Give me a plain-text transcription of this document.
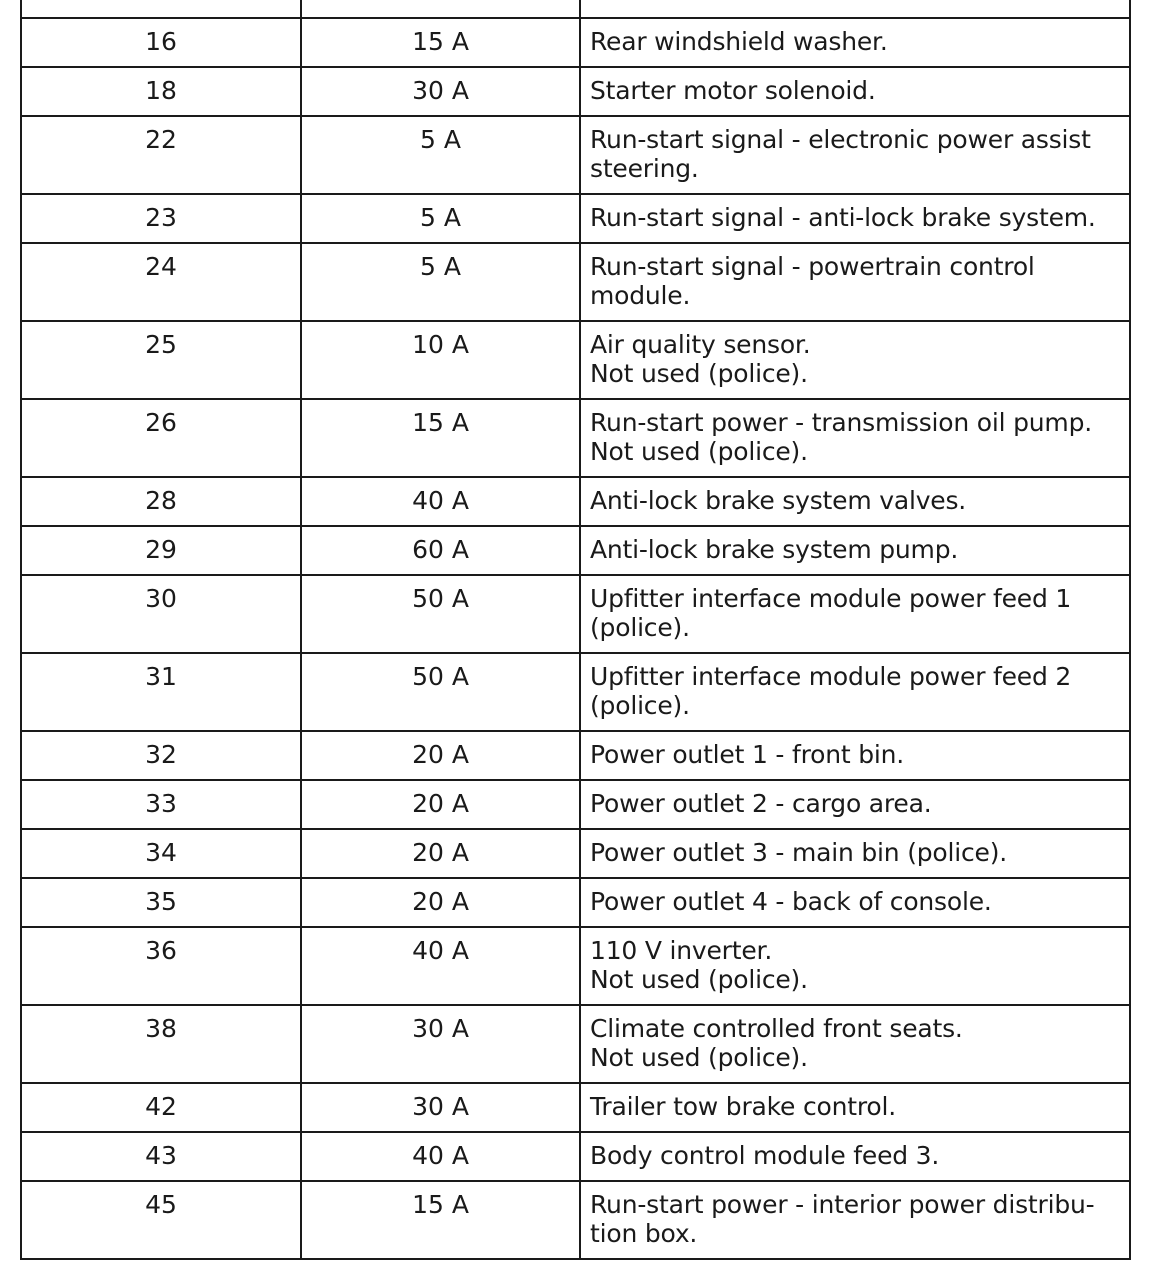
16	15 A	Rear windshield washer.

18	30 A	Starter motor solenoid.

22	5 A	Run-start signal - electronic power assist
steering.

23	5 A	Run-start signal - anti-lock brake system.

24	5 A	Run-start signal - powertrain control
module.

25	10 A	Air quality sensor.
Not used (police).

26	15 A	Run-start power - transmission oil pump.
Not used (police).

28	40 A	Anti-lock brake system valves.

29	60 A	Anti-lock brake system pump.

30	50 A	Upfitter interface module power feed 1
(police).

31	50 A	Upfitter interface module power feed 2
(police).

32	20 A	Power outlet 1 - front bin.

33	20 A	Power outlet 2 - cargo area.

34	20 A	Power outlet 3 - main bin (police).

35	20 A	Power outlet 4 - back of console.

36	40 A	110 V inverter.
Not used (police).

38	30 A	Climate controlled front seats.
Not used (police).

42	30 A	Trailer tow brake control.

43	40 A	Body control module feed 3.

45	15 A	Run-start power - interior power distribu-
tion box.
